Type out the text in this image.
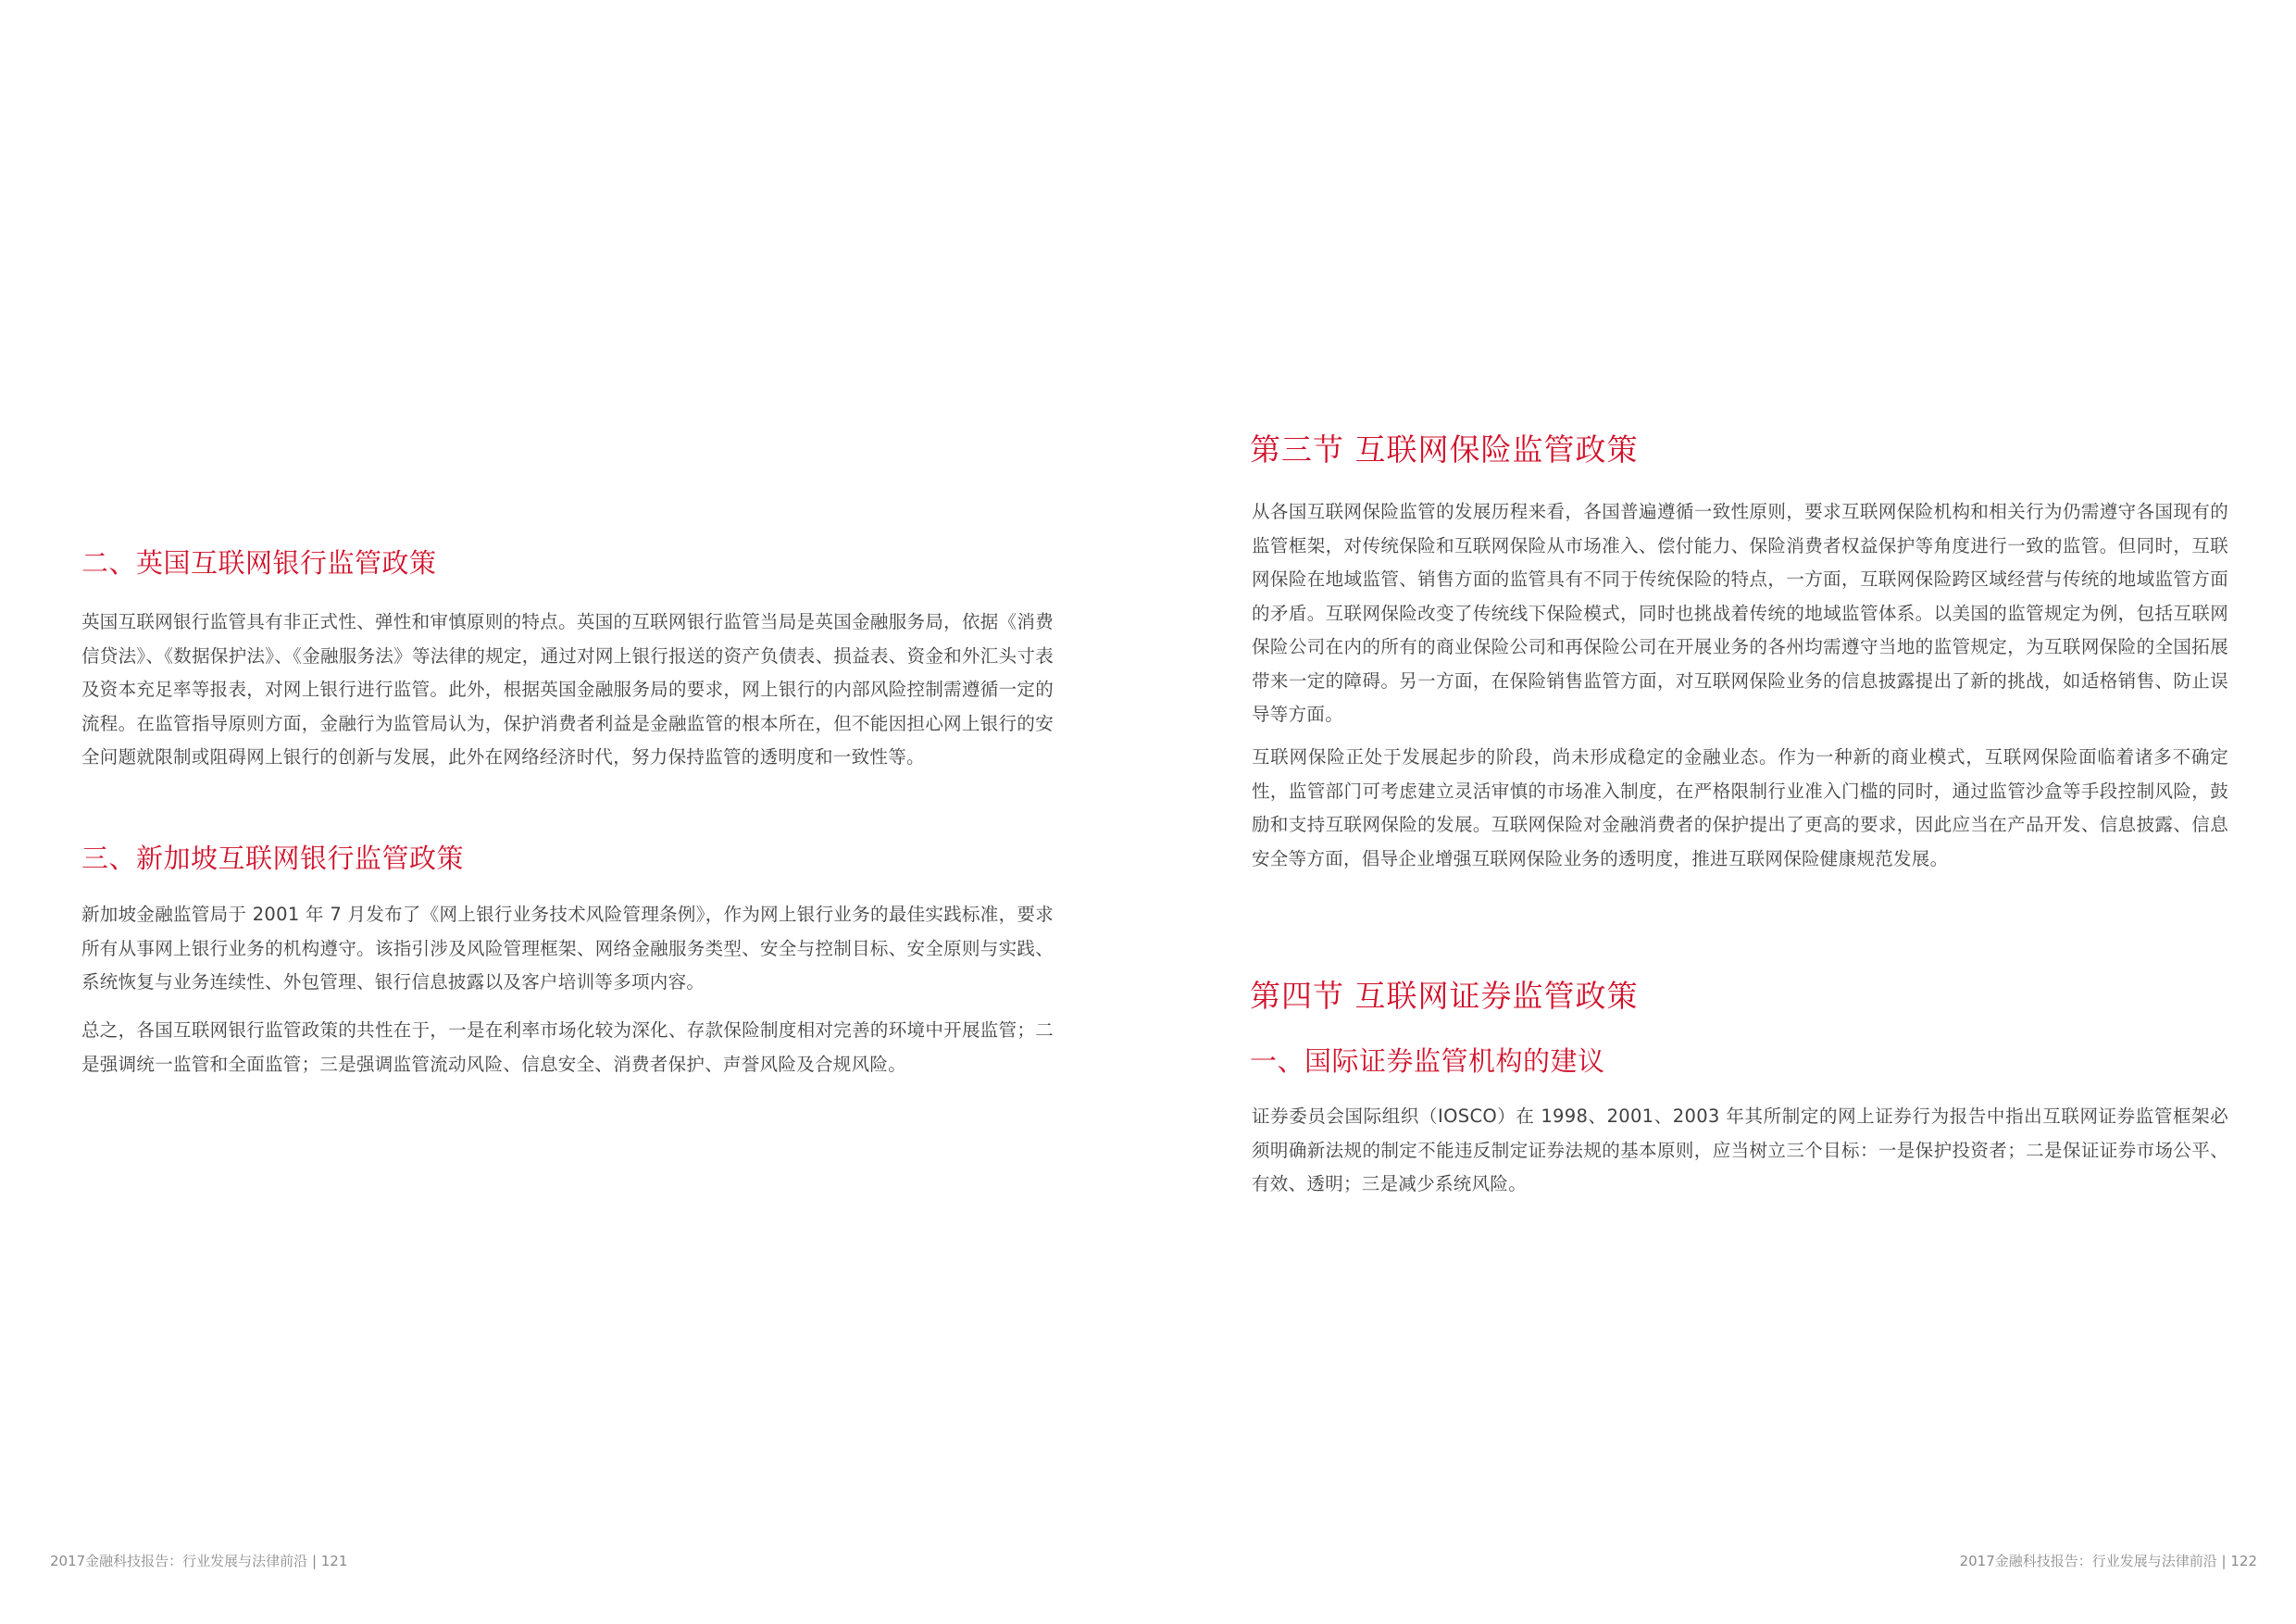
二、英国互联网银行监管政策

英国互联网银行监管具有非正式性、弹性和审慎原则的特点。英国的互联网银行监管当局是英国金融服务局，依据《消费信贷法》、《数据保护法》、《金融服务法》等法律的规定，通过对网上银行报送的资产负债表、损益表、资金和外汇头寸表及资本充足率等报表，对网上银行进行监管。此外，根据英国金融服务局的要求，网上银行的内部风险控制需遵循一定的流程。在监管指导原则方面，金融行为监管局认为，保护消费者利益是金融监管的根本所在，但不能因担心网上银行的安全问题就限制或阻碍网上银行的创新与发展，此外在网络经济时代，努力保持监管的透明度和一致性等。

三、新加坡互联网银行监管政策

新加坡金融监管局于 2001 年 7 月发布了《网上银行业务技术风险管理条例》，作为网上银行业务的最佳实践标准，要求所有从事网上银行业务的机构遵守。该指引涉及风险管理框架、网络金融服务类型、安全与控制目标、安全原则与实践、系统恢复与业务连续性、外包管理、银行信息披露以及客户培训等多项内容。

总之，各国互联网银行监管政策的共性在于，一是在利率市场化较为深化、存款保险制度相对完善的环境中开展监管；二是强调统一监管和全面监管；三是强调监管流动风险、信息安全、消费者保护、声誉风险及合规风险。

2017金融科技报告：行业发展与法律前沿 | 121
第三节 互联网保险监管政策

从各国互联网保险监管的发展历程来看，各国普遍遵循一致性原则，要求互联网保险机构和相关行为仍需遵守各国现有的监管框架，对传统保险和互联网保险从市场准入、偿付能力、保险消费者权益保护等角度进行一致的监管。但同时，互联网保险在地域监管、销售方面的监管具有不同于传统保险的特点，一方面，互联网保险跨区域经营与传统的地域监管方面的矛盾。互联网保险改变了传统线下保险模式，同时也挑战着传统的地域监管体系。以美国的监管规定为例，包括互联网保险公司在内的所有的商业保险公司和再保险公司在开展业务的各州均需遵守当地的监管规定，为互联网保险的全国拓展带来一定的障碍。另一方面，在保险销售监管方面，对互联网保险业务的信息披露提出了新的挑战，如适格销售、防止误导等方面。

互联网保险正处于发展起步的阶段，尚未形成稳定的金融业态。作为一种新的商业模式，互联网保险面临着诸多不确定性，监管部门可考虑建立灵活审慎的市场准入制度，在严格限制行业准入门槛的同时，通过监管沙盒等手段控制风险，鼓励和支持互联网保险的发展。互联网保险对金融消费者的保护提出了更高的要求，因此应当在产品开发、信息披露、信息安全等方面，倡导企业增强互联网保险业务的透明度，推进互联网保险健康规范发展。

第四节 互联网证券监管政策
一、国际证券监管机构的建议

证券委员会国际组织（IOSCO）在 1998、2001、2003 年其所制定的网上证券行为报告中指出互联网证券监管框架必须明确新法规的制定不能违反制定证券法规的基本原则，应当树立三个目标：一是保护投资者；二是保证证券市场公平、有效、透明；三是减少系统风险。

2017金融科技报告：行业发展与法律前沿 | 122
